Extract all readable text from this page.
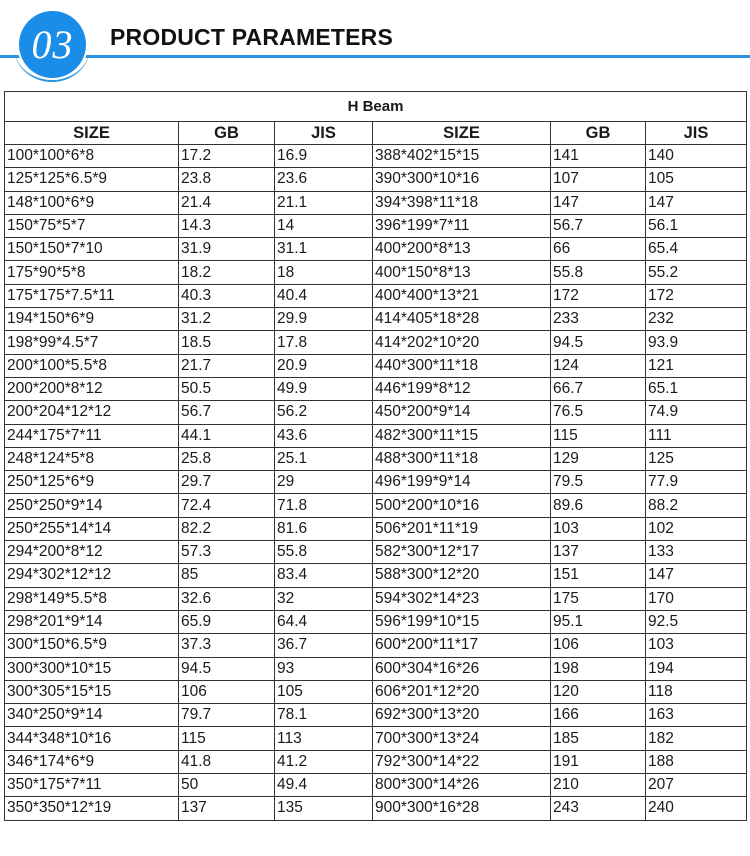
03 PRODUCT PARAMETERS
H Beam					
SIZE	GB	JIS	SIZE	GB	JIS
100*100*6*8	17.2	16.9	388*402*15*15	141	140
125*125*6.5*9	23.8	23.6	390*300*10*16	107	105
148*100*6*9	21.4	21.1	394*398*11*18	147	147
150*75*5*7	14.3	14	396*199*7*11	56.7	56.1
150*150*7*10	31.9	31.1	400*200*8*13	66	65.4
175*90*5*8	18.2	18	400*150*8*13	55.8	55.2
175*175*7.5*11	40.3	40.4	400*400*13*21	172	172
194*150*6*9	31.2	29.9	414*405*18*28	233	232
198*99*4.5*7	18.5	17.8	414*202*10*20	94.5	93.9
200*100*5.5*8	21.7	20.9	440*300*11*18	124	121
200*200*8*12	50.5	49.9	446*199*8*12	66.7	65.1
200*204*12*12	56.7	56.2	450*200*9*14	76.5	74.9
244*175*7*11	44.1	43.6	482*300*11*15	115	111
248*124*5*8	25.8	25.1	488*300*11*18	129	125
250*125*6*9	29.7	29	496*199*9*14	79.5	77.9
250*250*9*14	72.4	71.8	500*200*10*16	89.6	88.2
250*255*14*14	82.2	81.6	506*201*11*19	103	102
294*200*8*12	57.3	55.8	582*300*12*17	137	133
294*302*12*12	85	83.4	588*300*12*20	151	147
298*149*5.5*8	32.6	32	594*302*14*23	175	170
298*201*9*14	65.9	64.4	596*199*10*15	95.1	92.5
300*150*6.5*9	37.3	36.7	600*200*11*17	106	103
300*300*10*15	94.5	93	600*304*16*26	198	194
300*305*15*15	106	105	606*201*12*20	120	118
340*250*9*14	79.7	78.1	692*300*13*20	166	163
344*348*10*16	115	113	700*300*13*24	185	182
346*174*6*9	41.8	41.2	792*300*14*22	191	188
350*175*7*11	50	49.4	800*300*14*26	210	207
350*350*12*19	137	135	900*300*16*28	243	240
